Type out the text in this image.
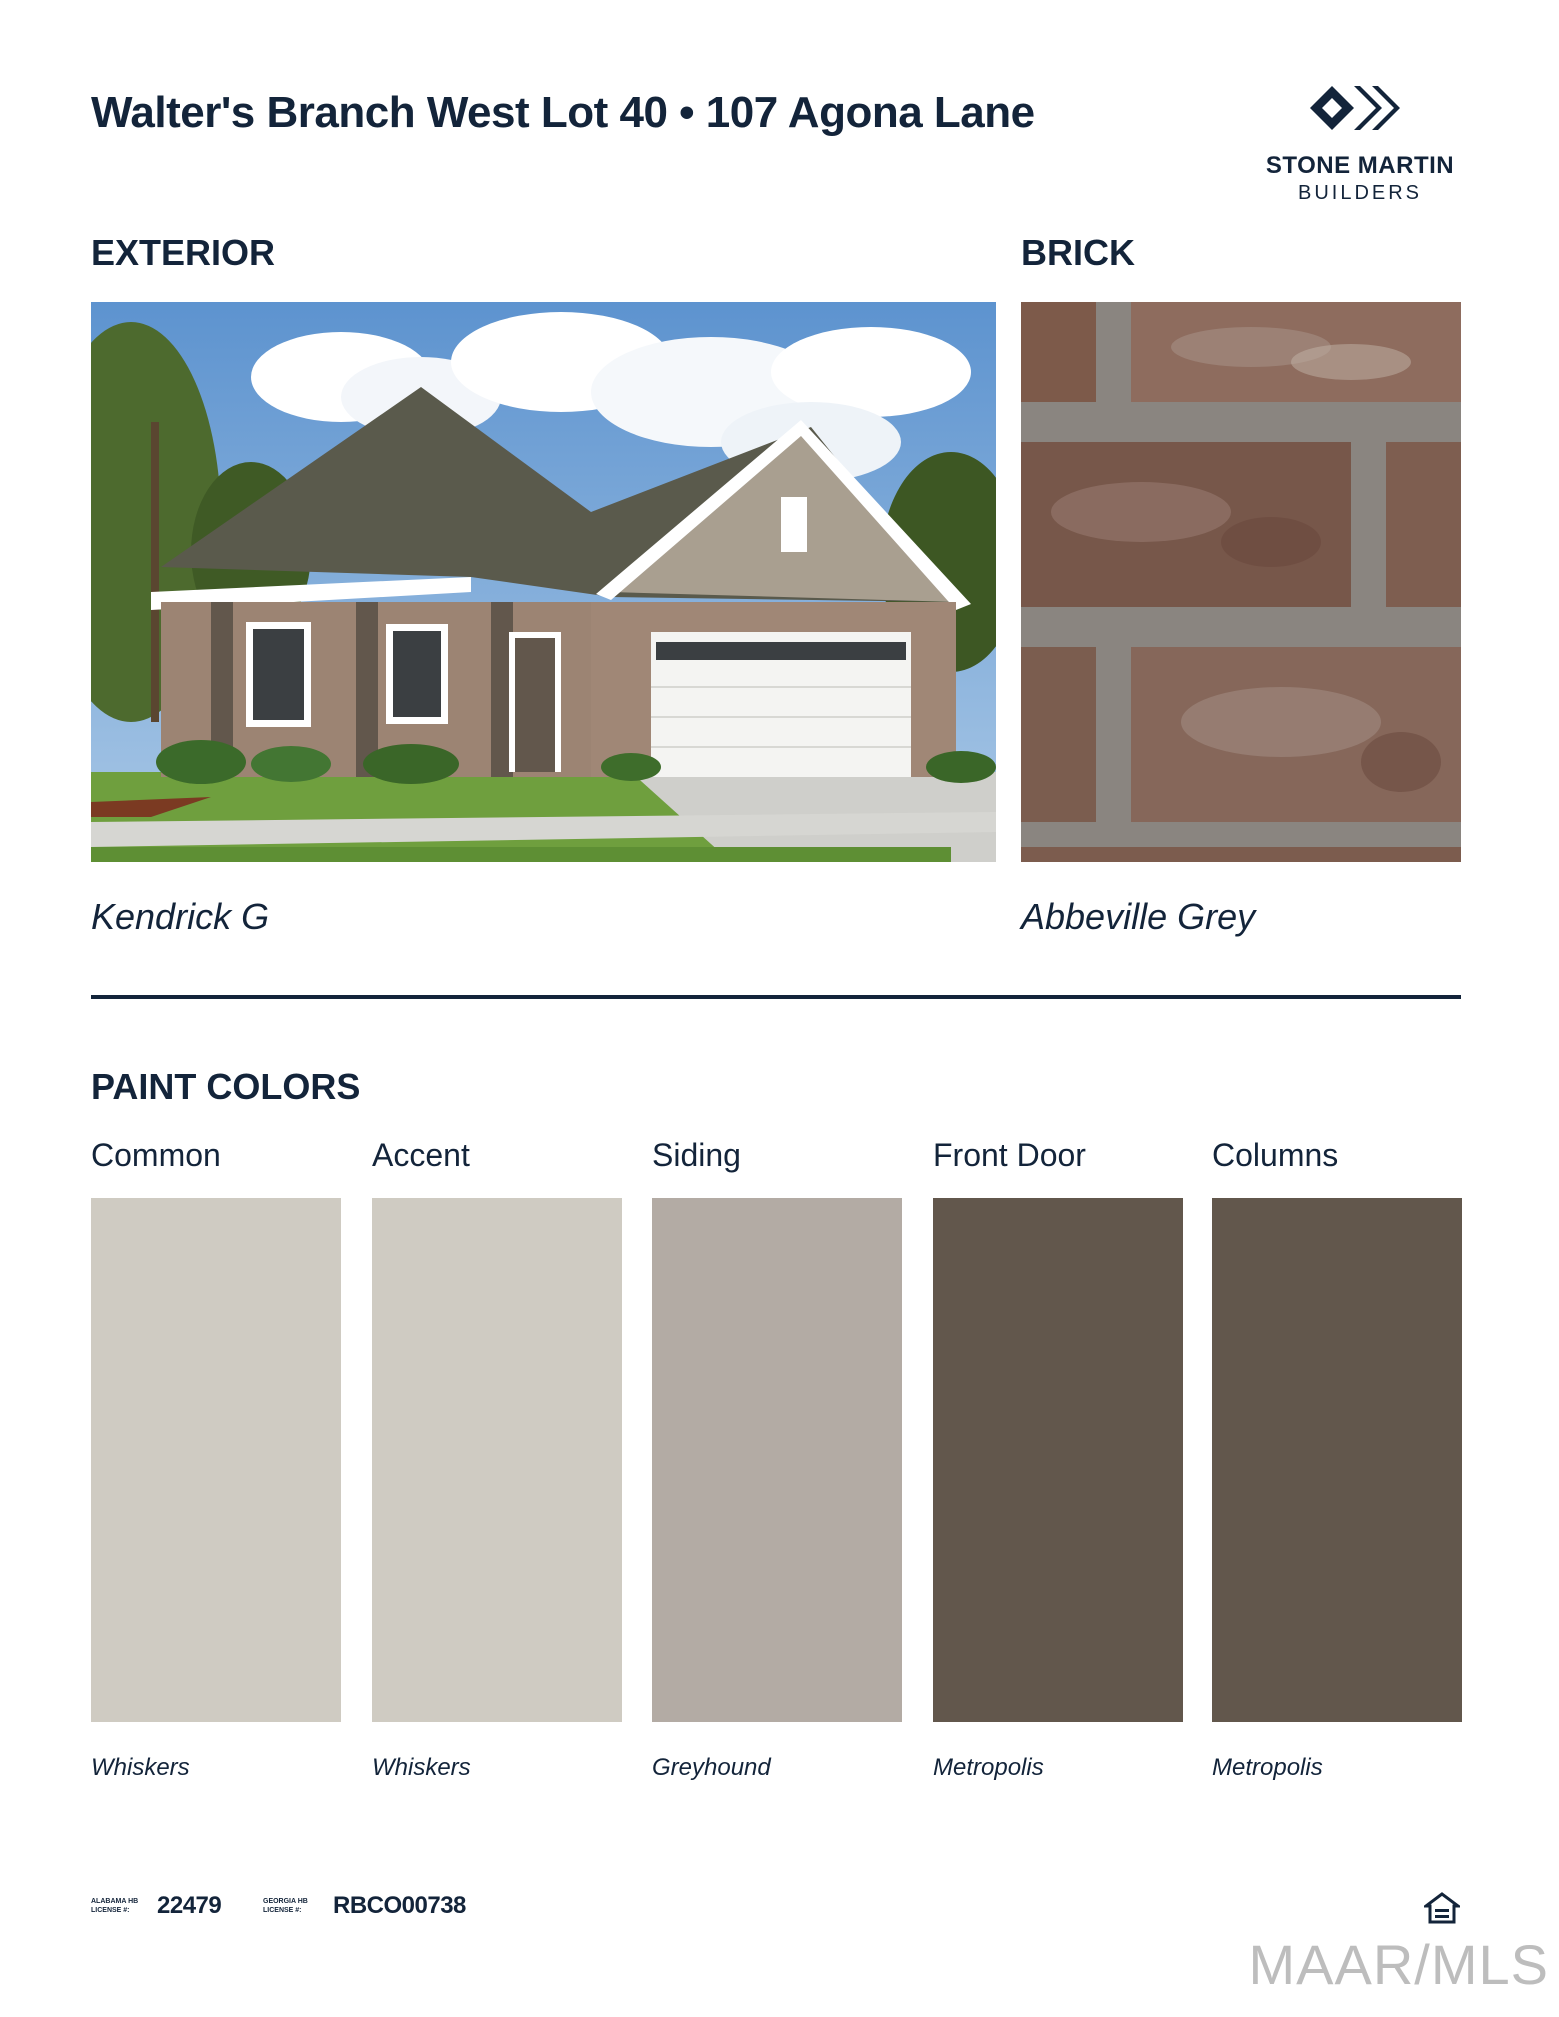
Walter's Branch West Lot 40 • 107 Agona Lane
STONE MARTIN
BUILDERS
EXTERIOR
Kendrick G
BRICK
Abbeville Grey
PAINT COLORS
Common	Accent	Siding	Front Door	Columns
Whiskers	Whiskers	Greyhound	Metropolis	Metropolis
ALABAMA HB
LICENSE #: 22479	GEORGIA HB
LICENSE #: RBCO00738
MAAR/MLS
